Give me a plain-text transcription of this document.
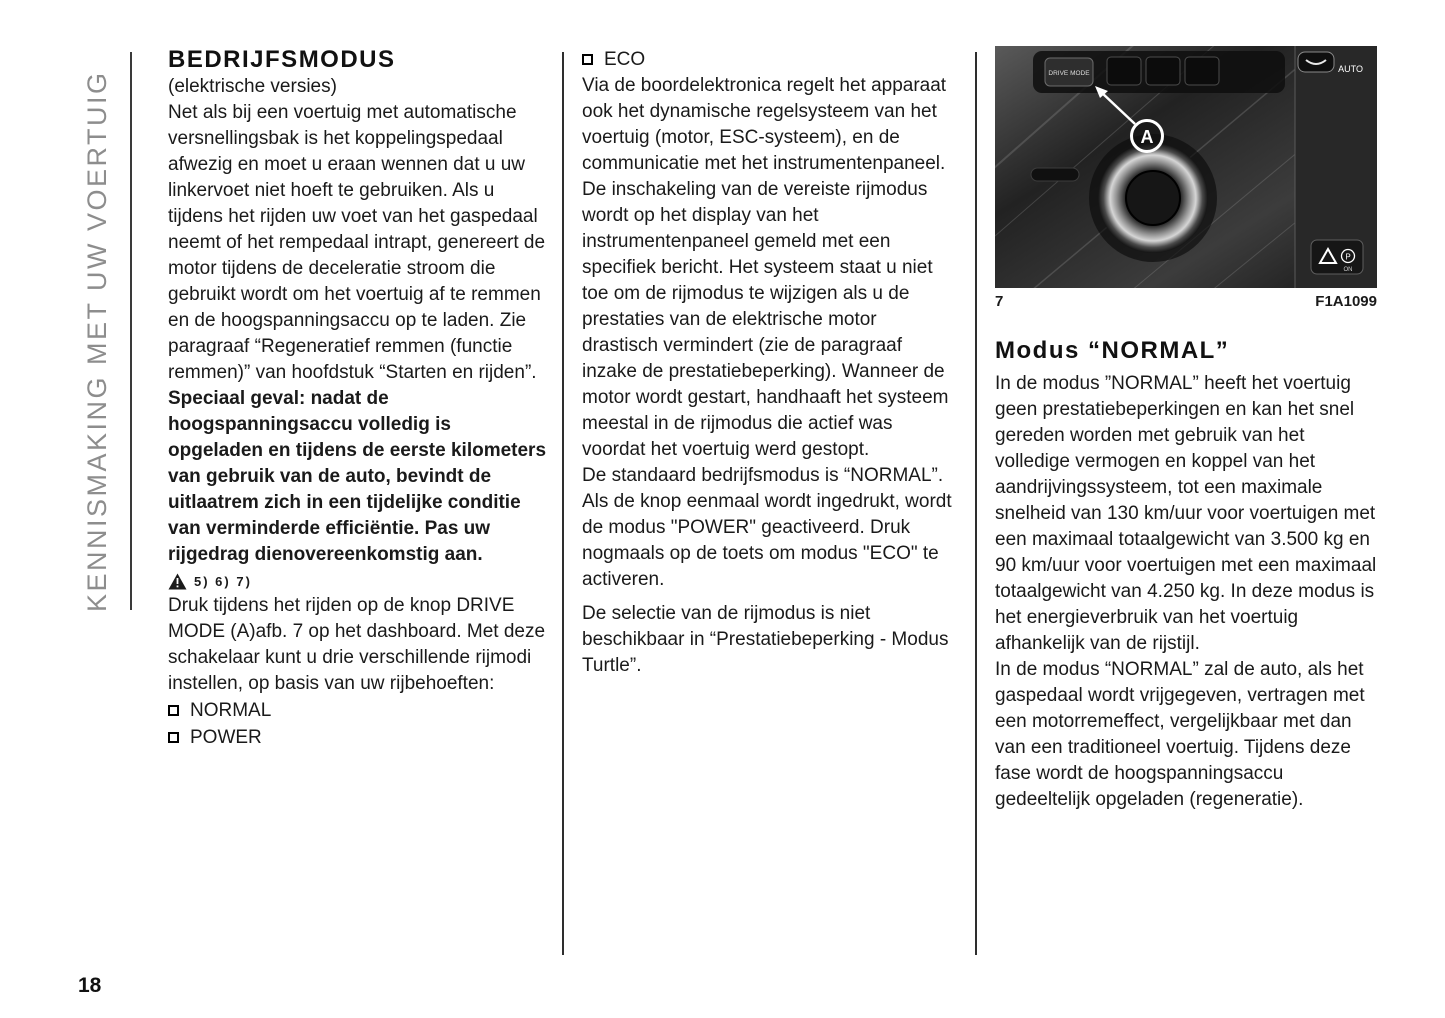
KENNISMAKING MET UW VOERTUIG
BEDRIJFSMODUS
(elektrische versies)

Net als bij een voertuig met automatische versnellingsbak is het koppelingspedaal afwezig en moet u eraan wennen dat u uw linkervoet niet hoeft te gebruiken. Als u tijdens het rijden uw voet van het gaspedaal neemt of het rempedaal intrapt, genereert de motor tijdens de deceleratie stroom die gebruikt wordt om het voertuig af te remmen en de hoogspanningsaccu op te laden. Zie paragraaf “Regeneratief remmen (functie remmen)” van hoofdstuk “Starten en rijden”.

Speciaal geval: nadat de hoogspanningsaccu volledig is opgeladen en tijdens de eerste kilometers van gebruik van de auto, bevindt de uitlaatrem zich in een tijdelijke conditie van verminderde efficiëntie. Pas uw rijgedrag dienovereenkomstig aan.

5) 6) 7)

Druk tijdens het rijden op de knop DRIVE MODE (A)afb. 7 op het dashboard. Met deze schakelaar kunt u drie verschillende rijmodi instellen, op basis van uw rijbehoeften:

NORMAL
POWER
ECO

Via de boordelektronica regelt het apparaat ook het dynamische regelsysteem van het voertuig (motor, ESC-systeem), en de communicatie met het instrumentenpaneel. De inschakeling van de vereiste rijmodus wordt op het display van het instrumentenpaneel gemeld met een specifiek bericht. Het systeem staat u niet toe om de rijmodus te wijzigen als u de prestaties van de elektrische motor drastisch vermindert (zie de paragraaf inzake de prestatiebeperking). Wanneer de motor wordt gestart, handhaaft het systeem meestal in de rijmodus die actief was voordat het voertuig werd gestopt.

De standaard bedrijfsmodus is “NORMAL”. Als de knop eenmaal wordt ingedrukt, wordt de modus "POWER" geactiveerd. Druk nogmaals op de toets om modus "ECO" te activeren.

De selectie van de rijmodus is niet beschikbaar in “Prestatiebeperking - Modus Turtle”.

DRIVE MODE	AUTO
P
ON
A
7	F1A1099
Modus “NORMAL”

In de modus ”NORMAL” heeft het voertuig geen prestatiebeperkingen en kan het snel gereden worden met gebruik van het volledige vermogen en koppel van het aandrijvingssysteem, tot een maximale snelheid van 130 km/uur voor voertuigen met een maximaal totaalgewicht van 3.500 kg en 90 km/uur voor voertuigen met een maximaal totaalgewicht van 4.250 kg. In deze modus is het energieverbruik van het voertuig afhankelijk van de rijstijl.

In de modus “NORMAL” zal de auto, als het gaspedaal wordt vrijgegeven, vertragen met een motorremeffect, vergelijkbaar met dan van een traditioneel voertuig. Tijdens deze fase wordt de hoogspanningsaccu gedeeltelijk opgeladen (regeneratie).

18
